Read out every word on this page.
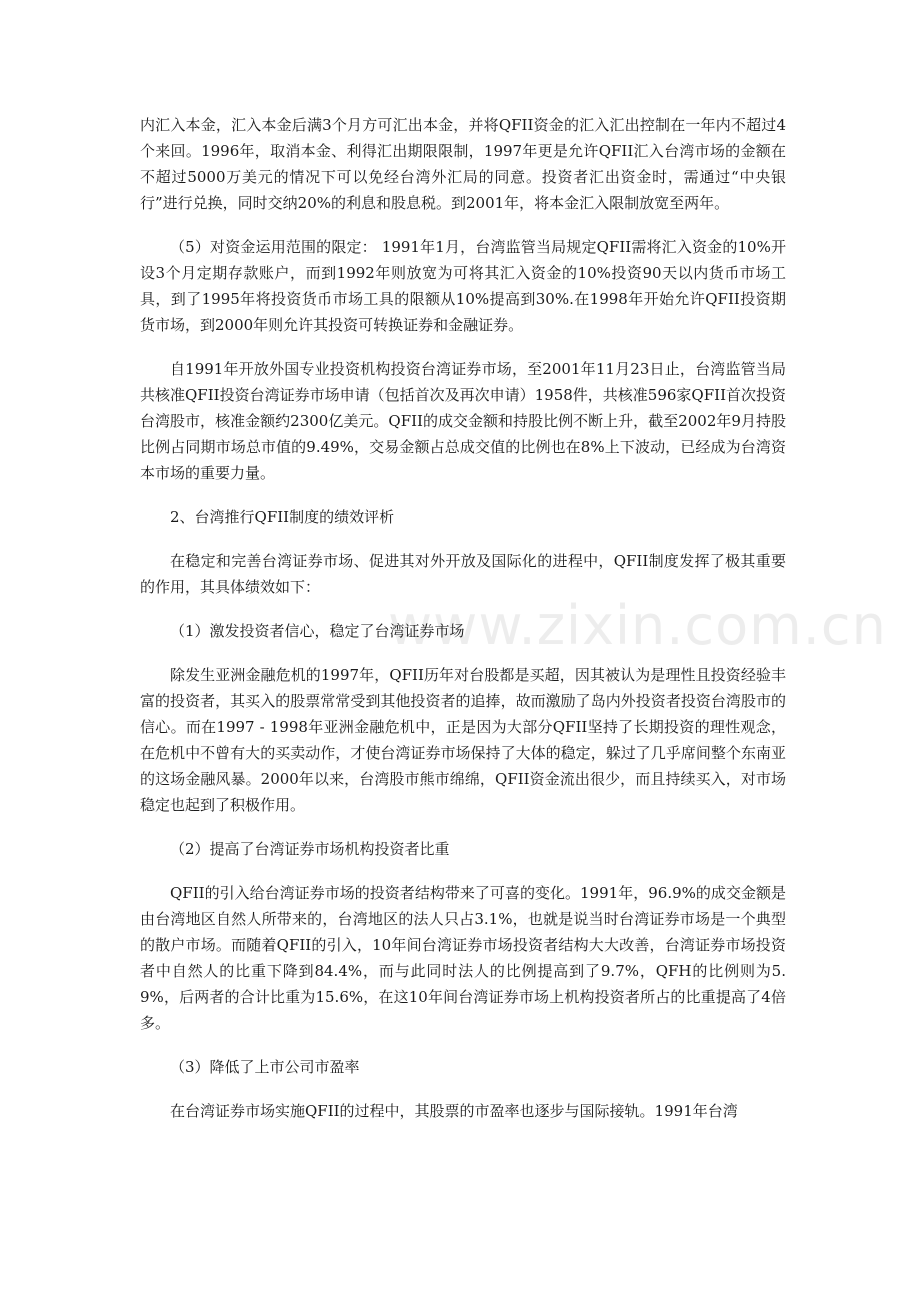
www.zixin.com.cn

内汇入本金，汇入本金后满3个月方可汇出本金，并将QFII资金的汇入汇出控制在一年内不超过4个来回。1996年，取消本金、利得汇出期限限制，1997年更是允许QFII汇入台湾市场的金额在不超过5000万美元的情况下可以免经台湾外汇局的同意。投资者汇出资金时，需通过“中央银行”进行兑换，同时交纳20%的利息和股息税。到2001年，将本金汇入限制放宽至两年。

（5）对资金运用范围的限定： 1991年1月，台湾监管当局规定QFII需将汇入资金的10%开设3个月定期存款账户，而到1992年则放宽为可将其汇入资金的10%投资90天以内货币市场工具，到了1995年将投资货币市场工具的限额从10%提高到30%.在1998年开始允许QFII投资期货市场，到2000年则允许其投资可转换证券和金融证券。

自1991年开放外国专业投资机构投资台湾证券市场，至2001年11月23日止，台湾监管当局共核准QFII投资台湾证券市场申请（包括首次及再次申请）1958件，共核准596家QFII首次投资台湾股市，核准金额约2300亿美元。QFII的成交金额和持股比例不断上升，截至2002年9月持股比例占同期市场总市值的9.49%，交易金额占总成交值的比例也在8%上下波动，已经成为台湾资本市场的重要力量。

2、台湾推行QFII制度的绩效评析

在稳定和完善台湾证券市场、促进其对外开放及国际化的进程中，QFII制度发挥了极其重要的作用，其具体绩效如下：

（1）激发投资者信心，稳定了台湾证券市场

除发生亚洲金融危机的1997年，QFII历年对台股都是买超，因其被认为是理性且投资经验丰富的投资者，其买入的股票常常受到其他投资者的追捧，故而激励了岛内外投资者投资台湾股市的信心。而在1997 - 1998年亚洲金融危机中，正是因为大部分QFII坚持了长期投资的理性观念，在危机中不曾有大的买卖动作，才使台湾证券市场保持了大体的稳定，躲过了几乎席间整个东南亚的这场金融风暴。2000年以来，台湾股市熊市绵绵，QFII资金流出很少，而且持续买入，对市场稳定也起到了积极作用。

（2）提高了台湾证券市场机构投资者比重

QFII的引入给台湾证券市场的投资者结构带来了可喜的变化。1991年，96.9%的成交金额是由台湾地区自然人所带来的，台湾地区的法人只占3.1%，也就是说当时台湾证券市场是一个典型的散户市场。而随着QFII的引入，10年间台湾证券市场投资者结构大大改善，台湾证券市场投资者中自然人的比重下降到84.4%，而与此同时法人的比例提高到了9.7%，QFH的比例则为5.9%，后两者的合计比重为15.6%，在这10年间台湾证券市场上机构投资者所占的比重提高了4倍多。

（3）降低了上市公司市盈率

在台湾证券市场实施QFII的过程中，其股票的市盈率也逐步与国际接轨。1991年台湾
